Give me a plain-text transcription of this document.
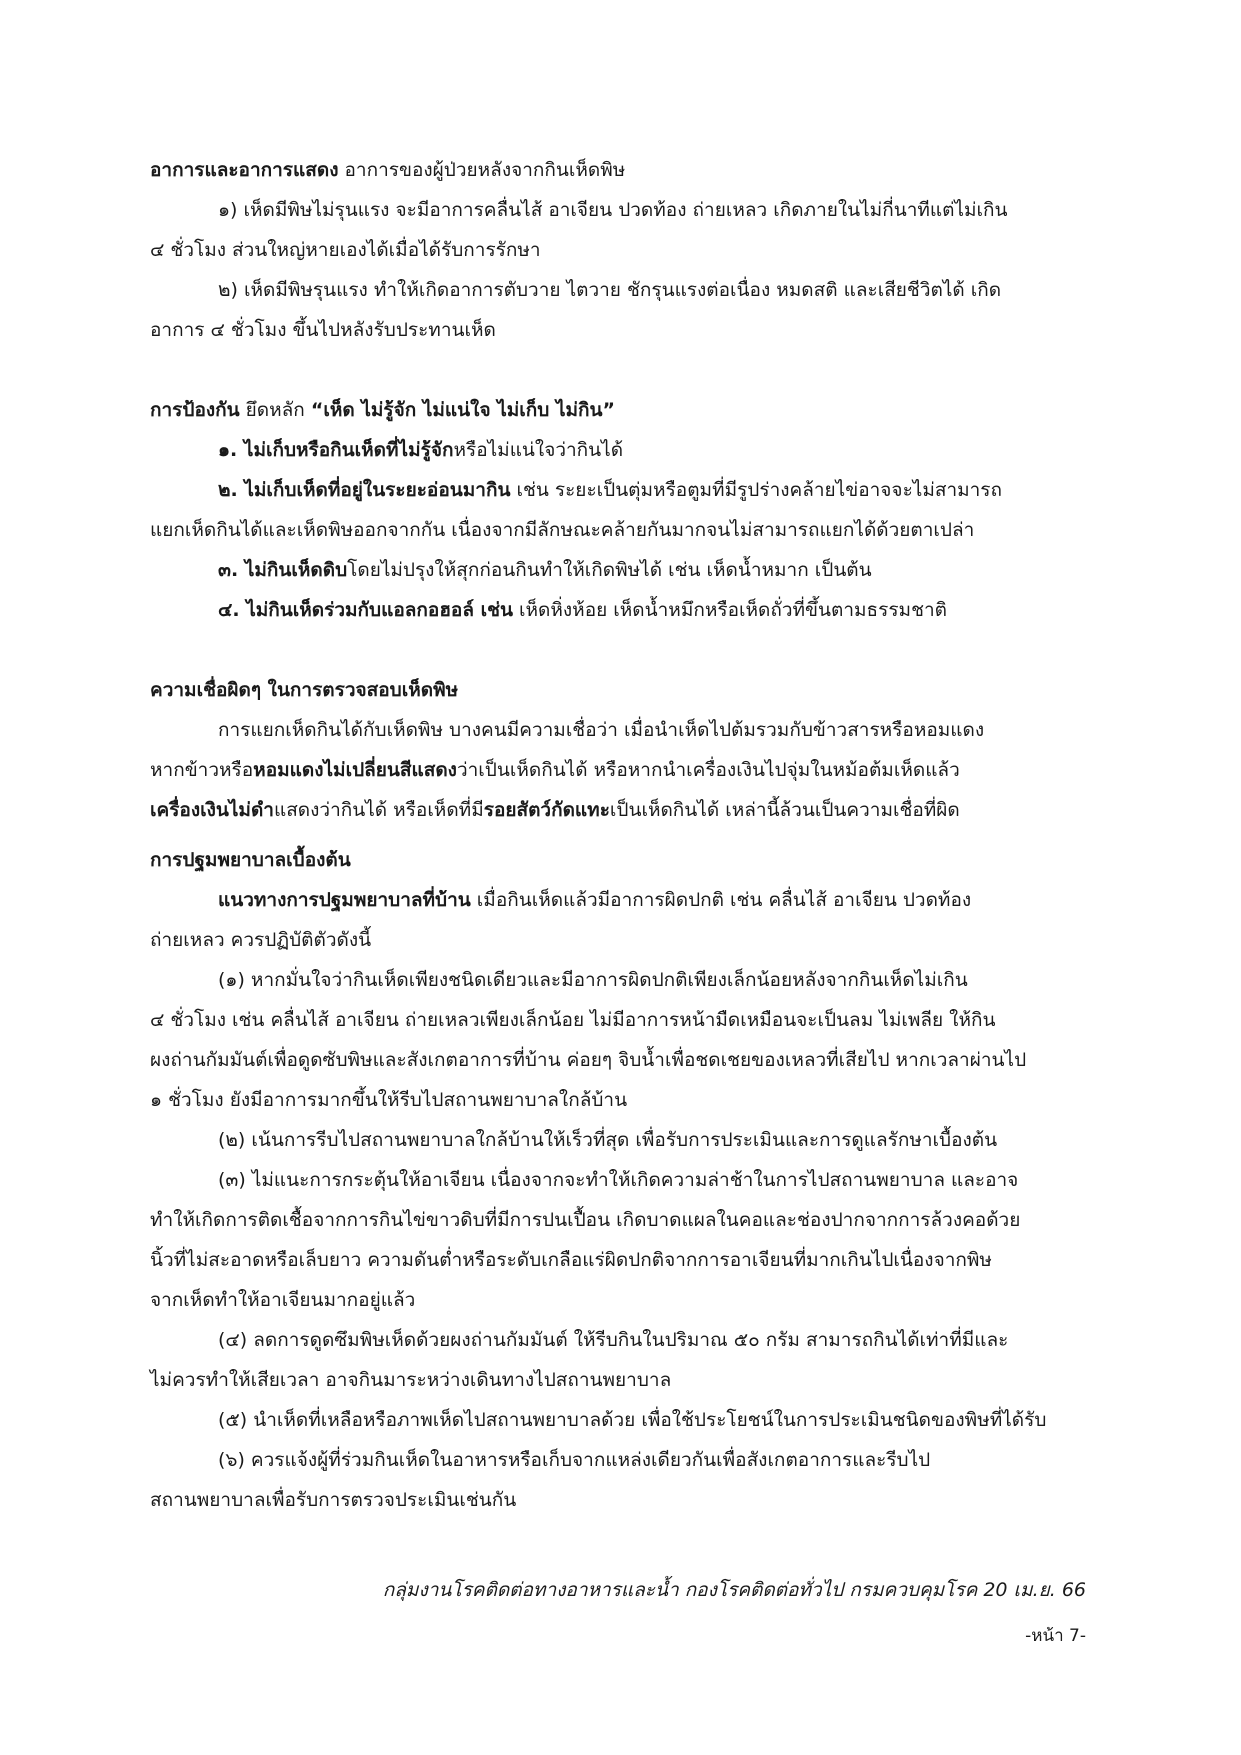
อาการและอาการแสดง อาการของผู้ป่วยหลังจากกินเห็ดพิษ

๑) เห็ดมีพิษไม่รุนแรง จะมีอาการคลื่นไส้ อาเจียน ปวดท้อง ถ่ายเหลว เกิดภายในไม่กี่นาทีแต่ไม่เกิน

๔ ชั่วโมง ส่วนใหญ่หายเองได้เมื่อได้รับการรักษา

๒) เห็ดมีพิษรุนแรง ทำให้เกิดอาการตับวาย ไตวาย ชักรุนแรงต่อเนื่อง หมดสติ และเสียชีวิตได้ เกิด

อาการ ๔ ชั่วโมง ขึ้นไปหลังรับประทานเห็ด

การป้องกัน ยึดหลัก “เห็ด ไม่รู้จัก ไม่แน่ใจ ไม่เก็บ ไม่กิน”

๑. ไม่เก็บหรือกินเห็ดที่ไม่รู้จักหรือไม่แน่ใจว่ากินได้

๒. ไม่เก็บเห็ดที่อยู่ในระยะอ่อนมากิน เช่น ระยะเป็นตุ่มหรือตูมที่มีรูปร่างคล้ายไข่อาจจะไม่สามารถ

แยกเห็ดกินได้และเห็ดพิษออกจากกัน เนื่องจากมีลักษณะคล้ายกันมากจนไม่สามารถแยกได้ด้วยตาเปล่า

๓. ไม่กินเห็ดดิบโดยไม่ปรุงให้สุกก่อนกินทำให้เกิดพิษได้ เช่น เห็ดน้ำหมาก เป็นต้น

๔. ไม่กินเห็ดร่วมกับแอลกอฮอล์ เช่น เห็ดหิ่งห้อย เห็ดน้ำหมึกหรือเห็ดถั่วที่ขึ้นตามธรรมชาติ

ความเชื่อผิดๆ ในการตรวจสอบเห็ดพิษ

การแยกเห็ดกินได้กับเห็ดพิษ บางคนมีความเชื่อว่า เมื่อนำเห็ดไปต้มรวมกับข้าวสารหรือหอมแดง

หากข้าวหรือหอมแดงไม่เปลี่ยนสีแสดงว่าเป็นเห็ดกินได้ หรือหากนำเครื่องเงินไปจุ่มในหม้อต้มเห็ดแล้ว

เครื่องเงินไม่ดำแสดงว่ากินได้ หรือเห็ดที่มีรอยสัตว์กัดแทะเป็นเห็ดกินได้ เหล่านี้ล้วนเป็นความเชื่อที่ผิด

การปฐมพยาบาลเบื้องต้น

แนวทางการปฐมพยาบาลที่บ้าน เมื่อกินเห็ดแล้วมีอาการผิดปกติ เช่น คลื่นไส้ อาเจียน ปวดท้อง

ถ่ายเหลว ควรปฏิบัติตัวดังนี้

(๑) หากมั่นใจว่ากินเห็ดเพียงชนิดเดียวและมีอาการผิดปกติเพียงเล็กน้อยหลังจากกินเห็ดไม่เกิน

๔ ชั่วโมง เช่น คลื่นไส้ อาเจียน ถ่ายเหลวเพียงเล็กน้อย ไม่มีอาการหน้ามืดเหมือนจะเป็นลม ไม่เพลีย ให้กิน

ผงถ่านกัมมันต์เพื่อดูดซับพิษและสังเกตอาการที่บ้าน ค่อยๆ จิบน้ำเพื่อชดเชยของเหลวที่เสียไป หากเวลาผ่านไป

๑ ชั่วโมง ยังมีอาการมากขึ้นให้รีบไปสถานพยาบาลใกล้บ้าน

(๒) เน้นการรีบไปสถานพยาบาลใกล้บ้านให้เร็วที่สุด เพื่อรับการประเมินและการดูแลรักษาเบื้องต้น

(๓) ไม่แนะการกระตุ้นให้อาเจียน เนื่องจากจะทำให้เกิดความล่าช้าในการไปสถานพยาบาล และอาจ

ทำให้เกิดการติดเชื้อจากการกินไข่ขาวดิบที่มีการปนเปื้อน เกิดบาดแผลในคอและช่องปากจากการล้วงคอด้วย

นิ้วที่ไม่สะอาดหรือเล็บยาว ความดันต่ำหรือระดับเกลือแร่ผิดปกติจากการอาเจียนที่มากเกินไปเนื่องจากพิษ

จากเห็ดทำให้อาเจียนมากอยู่แล้ว

(๔) ลดการดูดซึมพิษเห็ดด้วยผงถ่านกัมมันต์ ให้รีบกินในปริมาณ ๕๐ กรัม สามารถกินได้เท่าที่มีและ

ไม่ควรทำให้เสียเวลา อาจกินมาระหว่างเดินทางไปสถานพยาบาล

(๕) นำเห็ดที่เหลือหรือภาพเห็ดไปสถานพยาบาลด้วย เพื่อใช้ประโยชน์ในการประเมินชนิดของพิษที่ได้รับ

(๖) ควรแจ้งผู้ที่ร่วมกินเห็ดในอาหารหรือเก็บจากแหล่งเดียวกันเพื่อสังเกตอาการและรีบไป

สถานพยาบาลเพื่อรับการตรวจประเมินเช่นกัน

กลุ่มงานโรคติดต่อทางอาหารและน้ำ กองโรคติดต่อทั่วไป กรมควบคุมโรค 20 เม.ย. 66
-หน้า 7-
